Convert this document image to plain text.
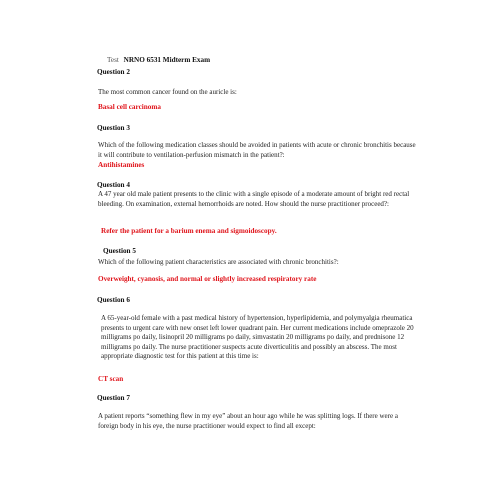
Test NRNO 6531 Midterm Exam
Question 2
The most common cancer found on the auricle is:
Basal cell carcinoma
Question 3
Which of the following medication classes should be avoided in patients with acute or chronic bronchitis because it will contribute to ventilation-perfusion mismatch in the patient?:
Antihistamines
Question 4
A 47 year old male patient presents to the clinic with a single episode of a moderate amount of bright red rectal bleeding. On examination, external hemorrhoids are noted. How should the nurse practitioner proceed?:
Refer the patient for a barium enema and sigmoidoscopy.
Question 5
Which of the following patient characteristics are associated with chronic bronchitis?:
Overweight, cyanosis, and normal or slightly increased respiratory rate
Question 6
A 65-year-old female with a past medical history of hypertension, hyperlipidemia, and polymyalgia rheumatica presents to urgent care with new onset left lower quadrant pain. Her current medications include omeprazole 20 milligrams po daily, lisinopril 20 milligrams po daily, simvastatin 20 milligrams po daily, and prednisone 12 milligrams po daily. The nurse practitioner suspects acute diverticulitis and possibly an abscess. The most appropriate diagnostic test for this patient at this time is:
CT scan
Question 7
A patient reports “something flew in my eye” about an hour ago while he was splitting logs. If there were a foreign body in his eye, the nurse practitioner would expect to find all except:
